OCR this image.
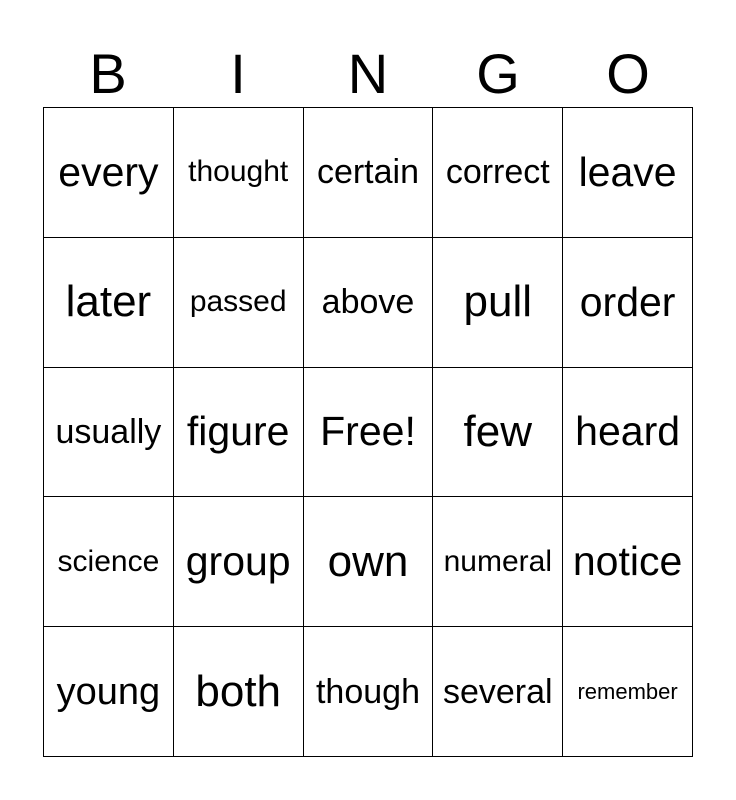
B	I	N	G	O
every thought certain correct leave
later passed above pull order
usually figure Free! few heard
science group own numeral notice
young both though several remember
